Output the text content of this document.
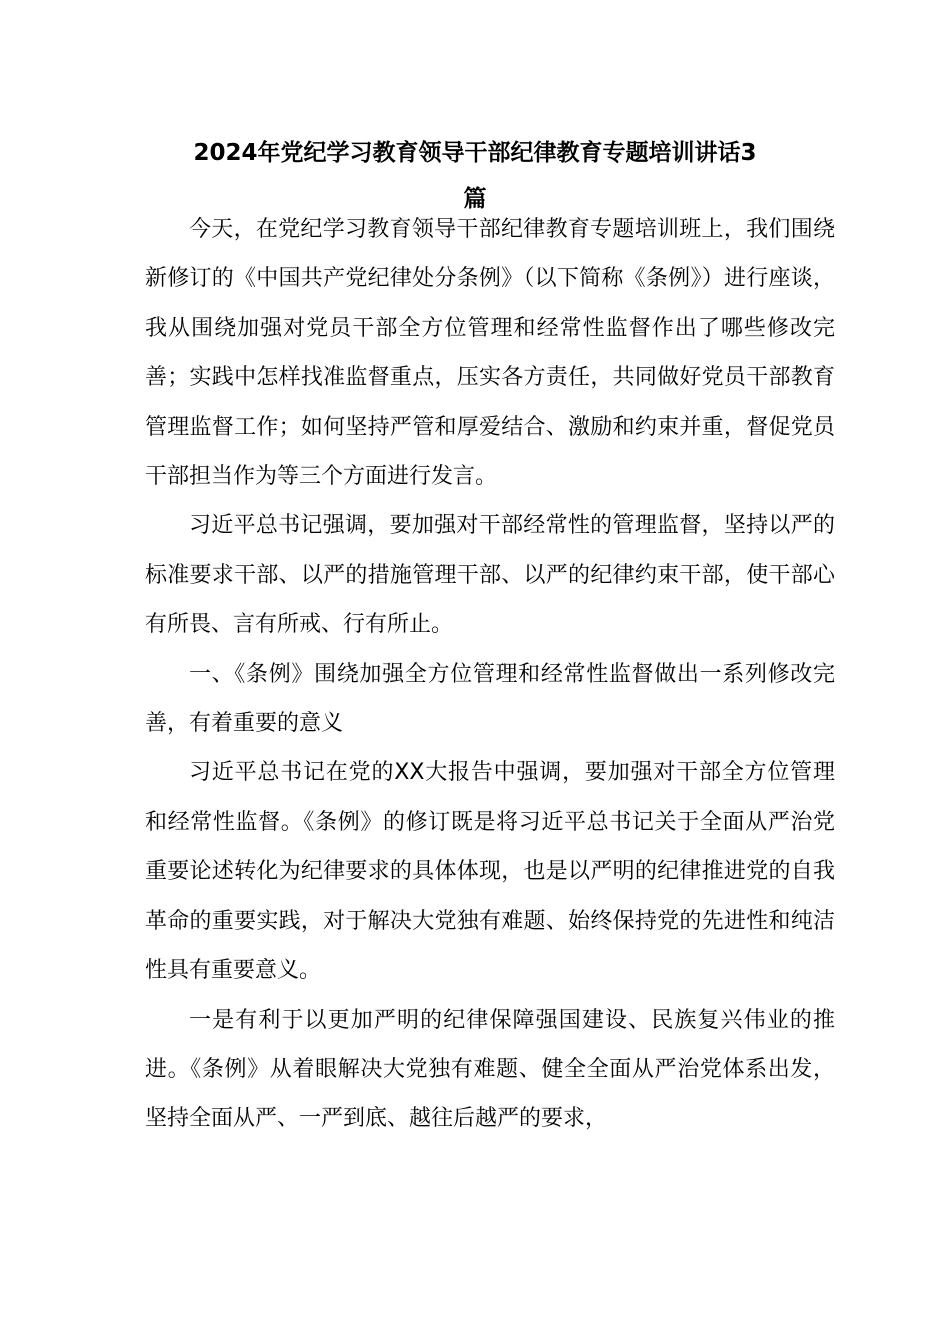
2024年党纪学习教育领导干部纪律教育专题培训讲话3
篇

今天，在党纪学习教育领导干部纪律教育专题培训班上，我们围绕新修订的《中国共产党纪律处分条例》（以下简称《条例》）进行座谈，我从围绕加强对党员干部全方位管理和经常性监督作出了哪些修改完善；实践中怎样找准监督重点，压实各方责任，共同做好党员干部教育管理监督工作；如何坚持严管和厚爱结合、激励和约束并重，督促党员干部担当作为等三个方面进行发言。

习近平总书记强调，要加强对干部经常性的管理监督，坚持以严的标准要求干部、以严的措施管理干部、以严的纪律约束干部，使干部心有所畏、言有所戒、行有所止。

一、《条例》围绕加强全方位管理和经常性监督做出一系列修改完善，有着重要的意义

习近平总书记在党的XX大报告中强调，要加强对干部全方位管理和经常性监督。《条例》的修订既是将习近平总书记关于全面从严治党重要论述转化为纪律要求的具体体现，也是以严明的纪律推进党的自我革命的重要实践，对于解决大党独有难题、始终保持党的先进性和纯洁性具有重要意义。

一是有利于以更加严明的纪律保障强国建设、民族复兴伟业的推进。《条例》从着眼解决大党独有难题、健全全面从严治党体系出发，坚持全面从严、一严到底、越往后越严的要求，
